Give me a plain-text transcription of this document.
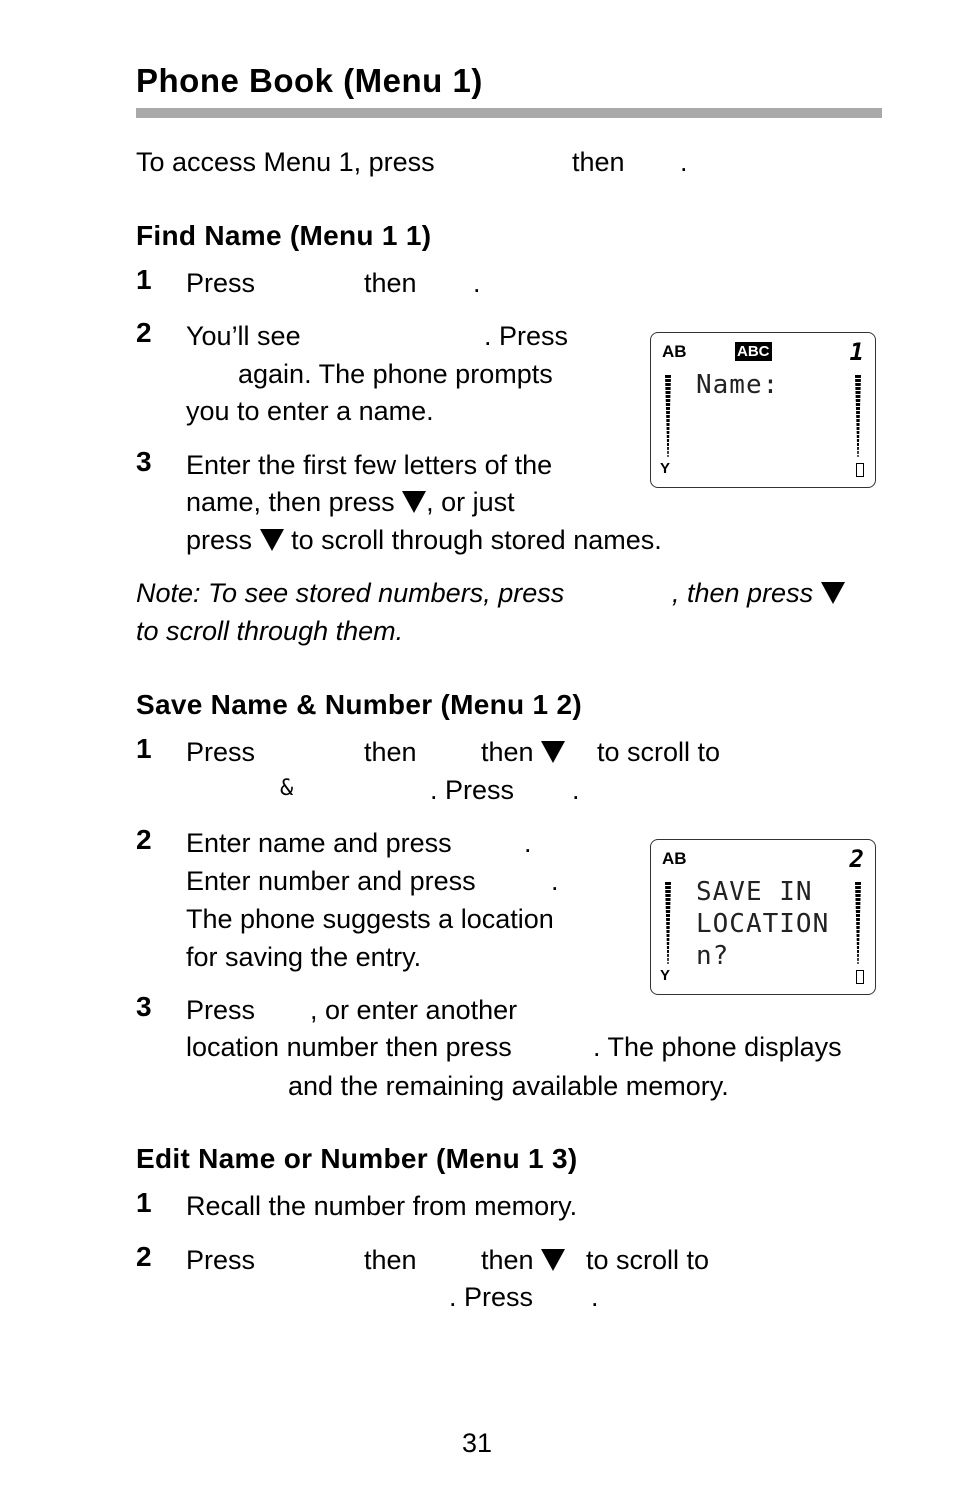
Phone Book (Menu 1)
To access Menu 1, press	then .
Find Name (Menu 1 1)
1 Press	then .
2 You’ll see	. Press
again. The phone prompts
you to enter a name.
3 Enter the first few letters of the
name, then press , or just
press to scroll through stored names.
Note: To see stored numbers, press	, then press
to scroll through them.
AB	ABC	1
Name:
Y
Save Name & Number (Menu 1 2)
1 Press	then then	to scroll to
&	. Press .
2 Enter name and press	.
Enter number and press	.
The phone suggests a location
for saving the entry.
3 Press , or enter another
location number then press	. The phone displays
and the remaining available memory.
AB	2
SAVE IN
LOCATION
n?
Y
Edit Name or Number (Menu 1 3)
1 Recall the number from memory.
2 Press	then then	to scroll to
. Press .
31
